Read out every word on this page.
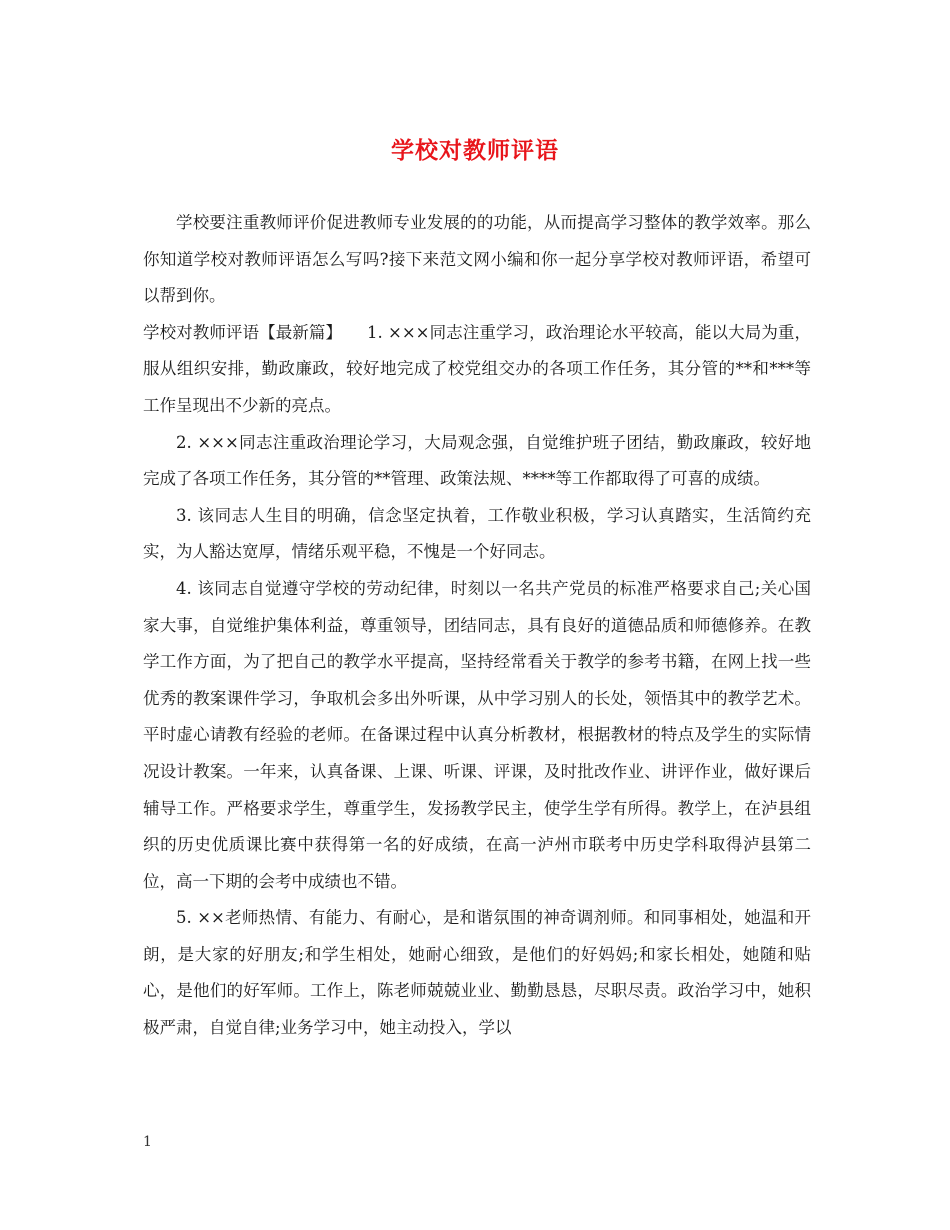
学校对教师评语

学校要注重教师评价促进教师专业发展的的功能，从而提高学习整体的教学效率。那么你知道学校对教师评语怎么写吗?接下来范文网小编和你一起分享学校对教师评语，希望可以帮到你。

学校对教师评语【最新篇】　　1. ×××同志注重学习，政治理论水平较高，能以大局为重，服从组织安排，勤政廉政，较好地完成了校党组交办的各项工作任务，其分管的**和***等工作呈现出不少新的亮点。

2. ×××同志注重政治理论学习，大局观念强，自觉维护班子团结，勤政廉政，较好地完成了各项工作任务，其分管的**管理、政策法规、****等工作都取得了可喜的成绩。

3. 该同志人生目的明确，信念坚定执着，工作敬业积极，学习认真踏实，生活简约充实，为人豁达宽厚，情绪乐观平稳，不愧是一个好同志。

4. 该同志自觉遵守学校的劳动纪律，时刻以一名共产党员的标准严格要求自己;关心国家大事，自觉维护集体利益，尊重领导，团结同志，具有良好的道德品质和师德修养。在教学工作方面，为了把自己的教学水平提高，坚持经常看关于教学的参考书籍，在网上找一些优秀的教案课件学习，争取机会多出外听课，从中学习别人的长处，领悟其中的教学艺术。平时虚心请教有经验的老师。在备课过程中认真分析教材，根据教材的特点及学生的实际情况设计教案。一年来，认真备课、上课、听课、评课，及时批改作业、讲评作业，做好课后辅导工作。严格要求学生，尊重学生，发扬教学民主，使学生学有所得。教学上，在泸县组织的历史优质课比赛中获得第一名的好成绩，在高一泸州市联考中历史学科取得泸县第二位，高一下期的会考中成绩也不错。

5. ××老师热情、有能力、有耐心，是和谐氛围的神奇调剂师。和同事相处，她温和开朗，是大家的好朋友;和学生相处，她耐心细致，是他们的好妈妈;和家长相处，她随和贴心，是他们的好军师。工作上，陈老师兢兢业业、勤勤恳恳，尽职尽责。政治学习中，她积极严肃，自觉自律;业务学习中，她主动投入，学以

1
